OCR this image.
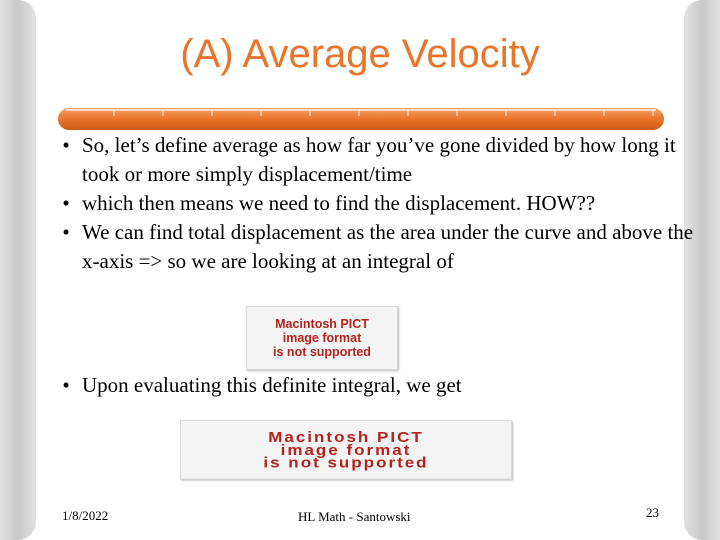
(A) Average Velocity
• So, let’s define average as how far you’ve gone divided by how long it took or more simply displacement/time
• which then means we need to find the displacement. HOW??
• We can find total displacement as the area under the curve and above the x-axis => so we are looking at an integral of
Macintosh PICT
image format
is not supported
• Upon evaluating this definite integral, we get
Macintosh PICT
image format
is not supported
1/8/2022	HL Math - Santowski	23
